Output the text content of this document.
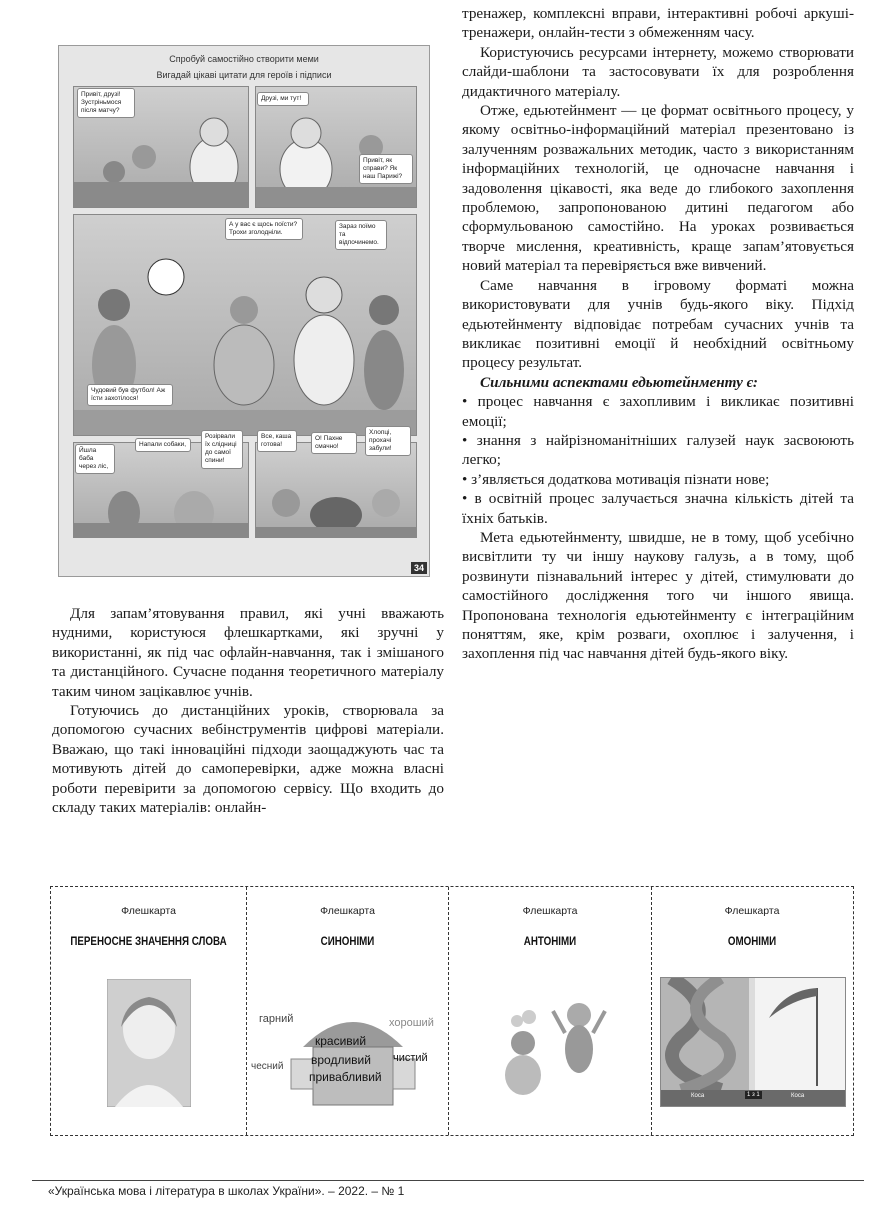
Спробуй самостійно створити меми
Вигадай цікаві цитати для героїв і підписи
Привіт, друзі! Зустріньмося після матчу?
Друзі, ми тут!
Привіт, як справи? Як наш Парижі?
А у вас є щось поїсти? Трохи зголодніли.
Зараз поїмо та відпочинемо.
Чудовий був футбол! Аж їсти захотілося!
Йшла баба через ліс,
Напали собаки,
Розірвали їх слідниці до самої спини!
Все, каша готова!
О! Пахне смачно!
Хлопці, прохачі забули!
34

тренажер, комплексні вправи, інтерактивні робочі аркуші-тренажери, онлайн-тести з обмеженням часу.

Користуючись ресурсами інтернету, можемо створювати слайди-шаблони та застосовувати їх для розроблення дидактичного матеріалу.

Отже, едьютейнмент — це формат освітнього процесу, у якому освітньо-інформаційний матеріал презентовано із залученням розважальних методик, часто з використанням інформаційних технологій, це одночасне навчання і задоволення цікавості, яка веде до глибокого захоплення проблемою, запропонованою дитині педагогом або сформульованою самостійно. На уроках розвивається творче мислення, креативність, краще запам’ятовується новий матеріал та перевіряється вже вивчений.

Саме навчання в ігровому форматі можна використовувати для учнів будь-якого віку. Підхід едьютейнменту відповідає потребам сучасних учнів та викликає позитивні емоції й необхідний освітньому процесу результат.

Сильними аспектами едьютейнменту є:

• процес навчання є захопливим і викликає позитивні емоції;

• знання з найрізноманітніших галузей наук засвоюють легко;

• з’являється додаткова мотивація пізнати нове;

• в освітній процес залучається значна кількість дітей та їхніх батьків.

Мета едьютейнменту, швидше, не в тому, щоб усебічно висвітлити ту чи іншу наукову галузь, а в тому, щоб розвинути пізнавальний інтерес у дітей, стимулювати до самостійного дослідження того чи іншого явища. Пропонована технологія едьютейнменту є інтеграційним поняттям, яке, крім розваги, охоплює і залучення, і захоплення під час навчання дітей будь-якого віку.

Для запам’ятовування правил, які учні вважають нудними, користуюся флешкартками, які зручні у використанні, як під час офлайн-навчання, так і змішаного та дистанційного. Сучасне подання теоретичного матеріалу таким чином зацікавлює учнів.

Готуючись до дистанційних уроків, створювала за допомогою сучасних вебінструментів цифрові матеріали. Вважаю, що такі інноваційні підходи заощаджують час та мотивують дітей до самоперевірки, адже можна власні роботи перевірити за допомогою сервісу. Що входить до складу таких матеріалів: онлайн-

Флешкарта
ПЕРЕНОСНЕ ЗНАЧЕННЯ СЛОВА
Флешкарта
СИНОНІМИ
гарний
красивий
хороший
чистий
чесний вродливий
привабливий
Флешкарта
АНТОНІМИ
Флешкарта
ОМОНІМИ
Коса	1 з 1	Коса
«Українська мова і література в школах України». – 2022. – № 1
